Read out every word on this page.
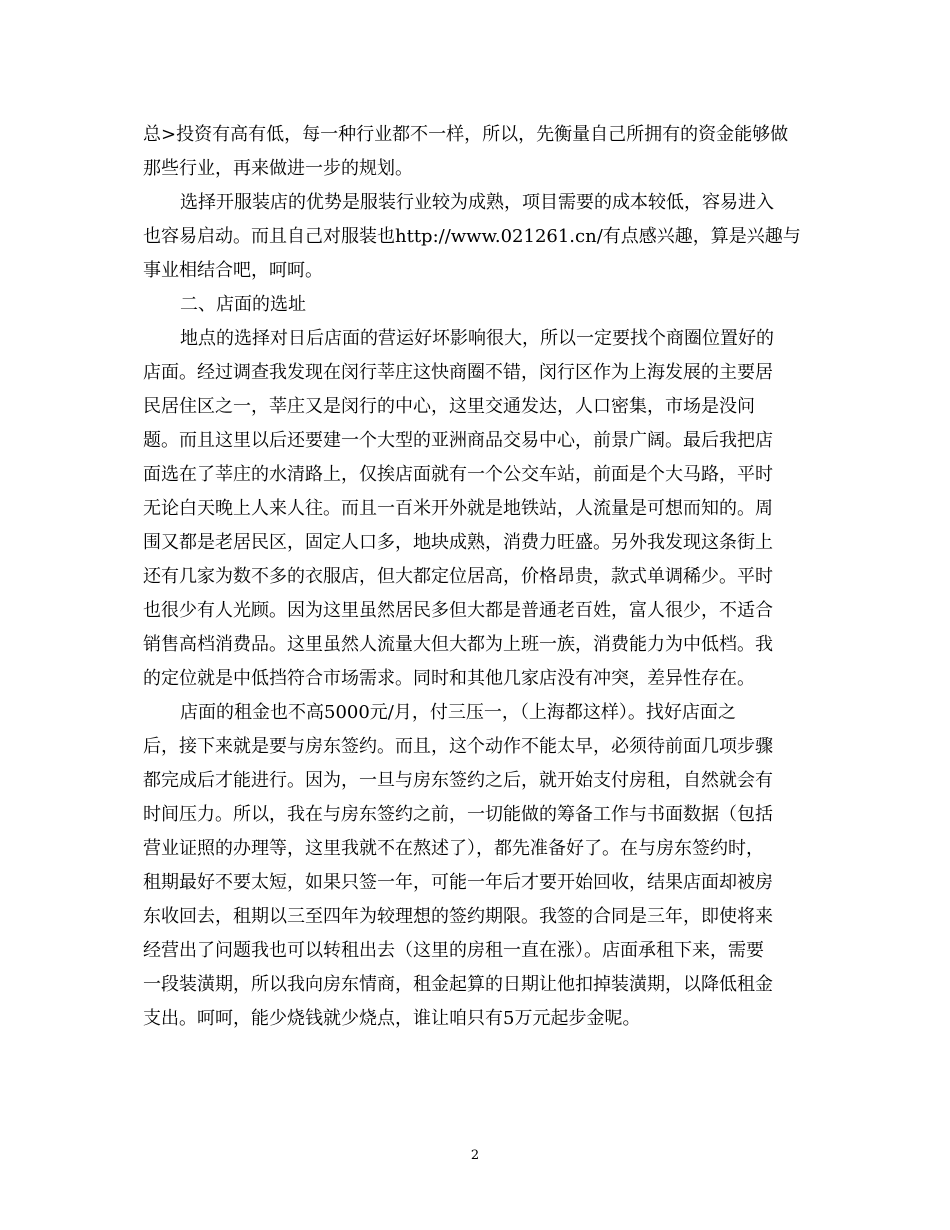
总>投资有高有低，每一种行业都不一样，所以，先衡量自己所拥有的资金能够做
那些行业，再来做进一步的规划。
选择开服装店的优势是服装行业较为成熟，项目需要的成本较低，容易进入
也容易启动。而且自己对服装也http://www.021261.cn/有点感兴趣，算是兴趣与
事业相结合吧，呵呵。
二、店面的选址
地点的选择对日后店面的营运好坏影响很大，所以一定要找个商圈位置好的
店面。经过调查我发现在闵行莘庄这快商圈不错，闵行区作为上海发展的主要居
民居住区之一，莘庄又是闵行的中心，这里交通发达，人口密集，市场是没问
题。而且这里以后还要建一个大型的亚洲商品交易中心，前景广阔。最后我把店
面选在了莘庄的水清路上，仅挨店面就有一个公交车站，前面是个大马路，平时
无论白天晚上人来人往。而且一百米开外就是地铁站，人流量是可想而知的。周
围又都是老居民区，固定人口多，地块成熟，消费力旺盛。另外我发现这条街上
还有几家为数不多的衣服店，但大都定位居高，价格昂贵，款式单调稀少。平时
也很少有人光顾。因为这里虽然居民多但大都是普通老百姓，富人很少，不适合
销售高档消费品。这里虽然人流量大但大都为上班一族，消费能力为中低档。我
的定位就是中低挡符合市场需求。同时和其他几家店没有冲突，差异性存在。
店面的租金也不高5000元/月，付三压一，（上海都这样）。找好店面之
后，接下来就是要与房东签约。而且，这个动作不能太早，必须待前面几项步骤
都完成后才能进行。因为，一旦与房东签约之后，就开始支付房租，自然就会有
时间压力。所以，我在与房东签约之前，一切能做的筹备工作与书面数据（包括
营业证照的办理等，这里我就不在熬述了），都先准备好了。在与房东签约时，
租期最好不要太短，如果只签一年，可能一年后才要开始回收，结果店面却被房
东收回去，租期以三至四年为较理想的签约期限。我签的合同是三年，即使将来
经营出了问题我也可以转租出去（这里的房租一直在涨）。店面承租下来，需要
一段装潢期，所以我向房东情商，租金起算的日期让他扣掉装潢期，以降低租金
支出。呵呵，能少烧钱就少烧点，谁让咱只有5万元起步金呢。
2
